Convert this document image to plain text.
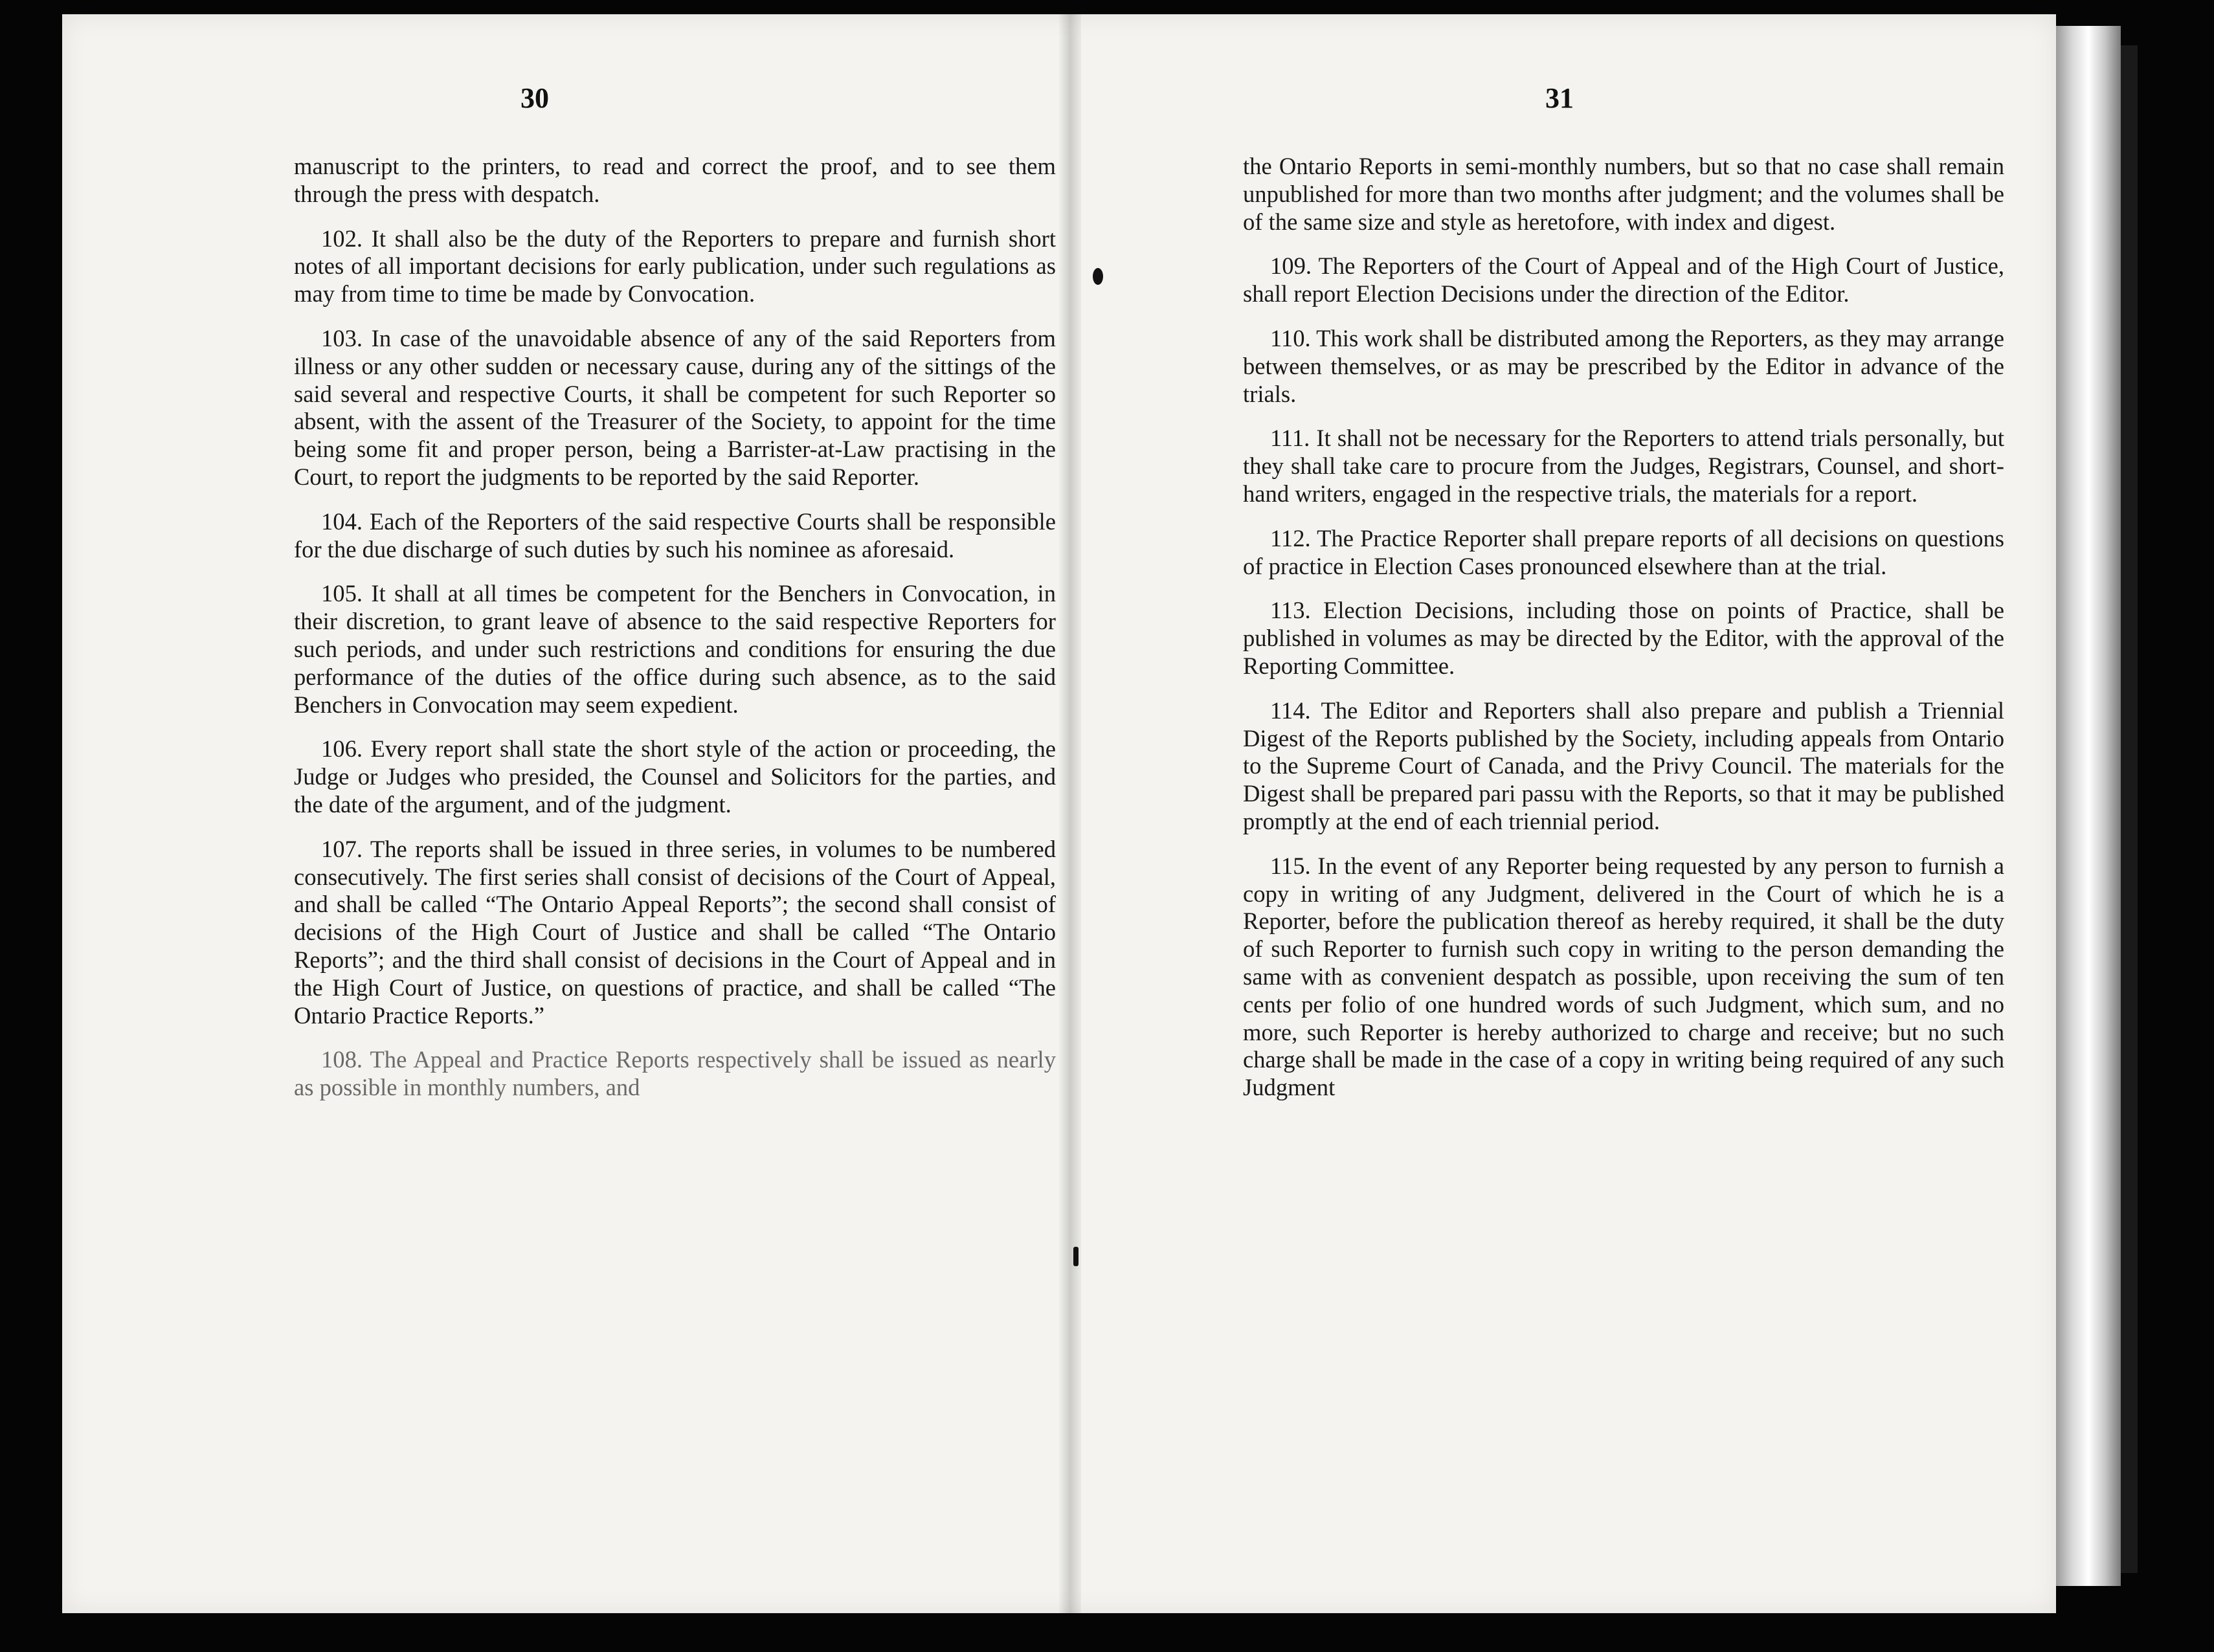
30

manuscript to the printers, to read and correct the proof, and to see them through the press with despatch.

102. It shall also be the duty of the Reporters to prepare and furnish short notes of all important decisions for early publication, under such regulations as may from time to time be made by Convocation.

103. In case of the unavoidable absence of any of the said Reporters from illness or any other sudden or necessary cause, during any of the sittings of the said several and respective Courts, it shall be competent for such Reporter so absent, with the assent of the Treasurer of the Society, to appoint for the time being some fit and proper person, being a Barrister-at-Law practising in the Court, to report the judgments to be reported by the said Reporter.

104. Each of the Reporters of the said respective Courts shall be responsible for the due discharge of such duties by such his nominee as aforesaid.

105. It shall at all times be competent for the Benchers in Convocation, in their discretion, to grant leave of absence to the said respective Reporters for such periods, and under such restrictions and conditions for ensuring the due performance of the duties of the office during such absence, as to the said Benchers in Convocation may seem expedient.

106. Every report shall state the short style of the action or proceeding, the Judge or Judges who presided, the Counsel and Solicitors for the parties, and the date of the argument, and of the judgment.

107. The reports shall be issued in three series, in volumes to be numbered consecutively. The first series shall consist of decisions of the Court of Appeal, and shall be called “The Ontario Appeal Reports”; the second shall consist of decisions of the High Court of Justice and shall be called “The Ontario Reports”; and the third shall consist of decisions in the Court of Appeal and in the High Court of Justice, on questions of practice, and shall be called “The Ontario Practice Reports.”

108. The Appeal and Practice Reports respectively shall be issued as nearly as possible in monthly numbers, and

31

the Ontario Reports in semi-monthly numbers, but so that no case shall remain unpublished for more than two months after judgment; and the volumes shall be of the same size and style as heretofore, with index and digest.

109. The Reporters of the Court of Appeal and of the High Court of Justice, shall report Election Decisions under the direction of the Editor.

110. This work shall be distributed among the Reporters, as they may arrange between themselves, or as may be prescribed by the Editor in advance of the trials.

111. It shall not be necessary for the Reporters to attend trials personally, but they shall take care to procure from the Judges, Registrars, Counsel, and short-hand writers, engaged in the respective trials, the materials for a report.

112. The Practice Reporter shall prepare reports of all decisions on questions of practice in Election Cases pronounced elsewhere than at the trial.

113. Election Decisions, including those on points of Practice, shall be published in volumes as may be directed by the Editor, with the approval of the Reporting Committee.

114. The Editor and Reporters shall also prepare and publish a Triennial Digest of the Reports published by the Society, including appeals from Ontario to the Supreme Court of Canada, and the Privy Council. The materials for the Digest shall be prepared pari passu with the Reports, so that it may be published promptly at the end of each triennial period.

115. In the event of any Reporter being requested by any person to furnish a copy in writing of any Judgment, delivered in the Court of which he is a Reporter, before the publication thereof as hereby required, it shall be the duty of such Reporter to furnish such copy in writing to the person demanding the same with as convenient despatch as possible, upon receiving the sum of ten cents per folio of one hundred words of such Judgment, which sum, and no more, such Reporter is hereby authorized to charge and receive; but no such charge shall be made in the case of a copy in writing being required of any such Judgment
